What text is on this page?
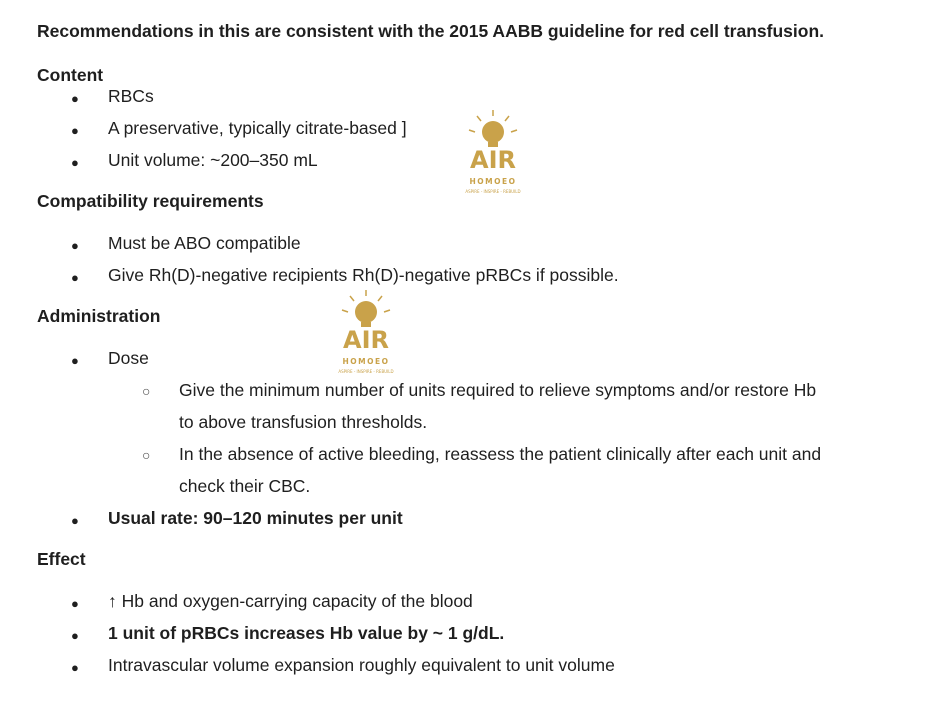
Recommendations in this are consistent with the 2015 AABB guideline for red cell transfusion.
Content
● RBCs
● A preservative, typically citrate-based ]
● Unit volume: ~200–350 mL
Compatibility requirements
● Must be ABO compatible
● Give Rh(D)-negative recipients Rh(D)-negative pRBCs if possible.
Administration
● Dose
○ Give the minimum number of units required to relieve symptoms and/or restore Hb
to above transfusion thresholds.
○ In the absence of active bleeding, reassess the patient clinically after each unit and
check their CBC.
● Usual rate: 90–120 minutes per unit
Effect
● ↑ Hb and oxygen-carrying capacity of the blood
● 1 unit of pRBCs increases Hb value by ~ 1 g/dL.
● Intravascular volume expansion roughly equivalent to unit volume
AIR
HOMOEO
ASPIRE - INSPIRE - REBUILD
AIR
HOMOEO
ASPIRE - INSPIRE - REBUILD
